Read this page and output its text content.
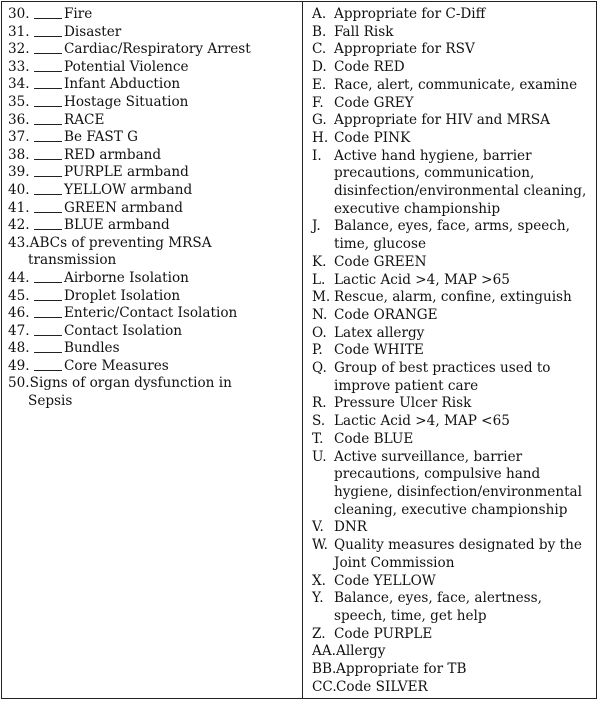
30.	Fire
31.	Disaster
32.	Cardiac/Respiratory Arrest
33.	Potential Violence
34.	Infant Abduction
35.	Hostage Situation
36.	RACE
37.	Be FAST G
38.	RED armband
39.	PURPLE armband
40.	YELLOW armband
41.	GREEN armband
42.	BLUE armband
43. ABCs of preventing MRSA
transmission
44.	Airborne Isolation
45.	Droplet Isolation
46.	Enteric/Contact Isolation
47.	Contact Isolation
48.	Bundles
49.	Core Measures
50. Signs of organ dysfunction in
Sepsis
A. Appropriate for C-Diff
B. Fall Risk
C. Appropriate for RSV
D. Code RED
E. Race, alert, communicate, examine
F. Code GREY
G. Appropriate for HIV and MRSA
H. Code PINK
I. Active hand hygiene, barrier precautions, communication, disinfection/environmental cleaning, executive championship
J. Balance, eyes, face, arms, speech, time, glucose
K. Code GREEN
L. Lactic Acid >4, MAP >65
M. Rescue, alarm, confine, extinguish
N. Code ORANGE
O. Latex allergy
P. Code WHITE
Q. Group of best practices used to improve patient care
R. Pressure Ulcer Risk
S. Lactic Acid >4, MAP <65
T. Code BLUE
U. Active surveillance, barrier precautions, compulsive hand hygiene, disinfection/environmental cleaning, executive championship
V. DNR
W. Quality measures designated by the Joint Commission
X. Code YELLOW
Y. Balance, eyes, face, alertness, speech, time, get help
Z. Code PURPLE
AA. Allergy
BB. Appropriate for TB
CC. Code SILVER
